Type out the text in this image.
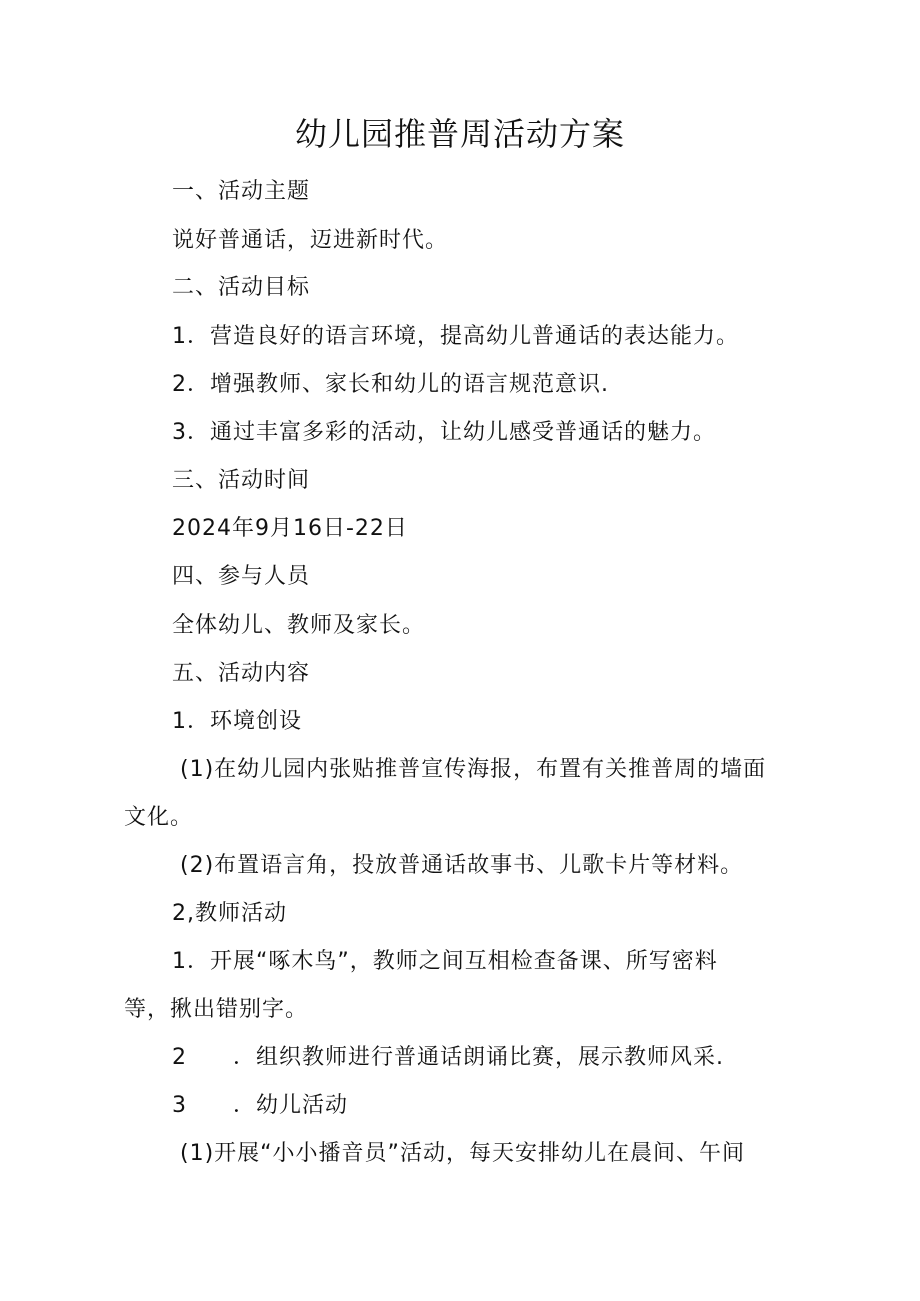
幼儿园推普周活动方案
一、活动主题
说好普通话，迈进新时代。
二、活动目标
1．营造良好的语言环境，提高幼儿普通话的表达能力。
2．增强教师、家长和幼儿的语言规范意识.
3．通过丰富多彩的活动，让幼儿感受普通话的魅力。
三、活动时间
2024年9月16日-22日
四、参与人员
全体幼儿、教师及家长。
五、活动内容
1．环境创设
(1)在幼儿园内张贴推普宣传海报，布置有关推普周的墙面
文化。
(2)布置语言角，投放普通话故事书、儿歌卡片等材料。
2,教师活动
1．开展“啄木鸟”，教师之间互相检查备课、所写密料
等，揪出错别字。
2　　．组织教师进行普通话朗诵比赛，展示教师风采.
3　　．幼儿活动
(1)开展“小小播音员”活动，每天安排幼儿在晨间、午间
